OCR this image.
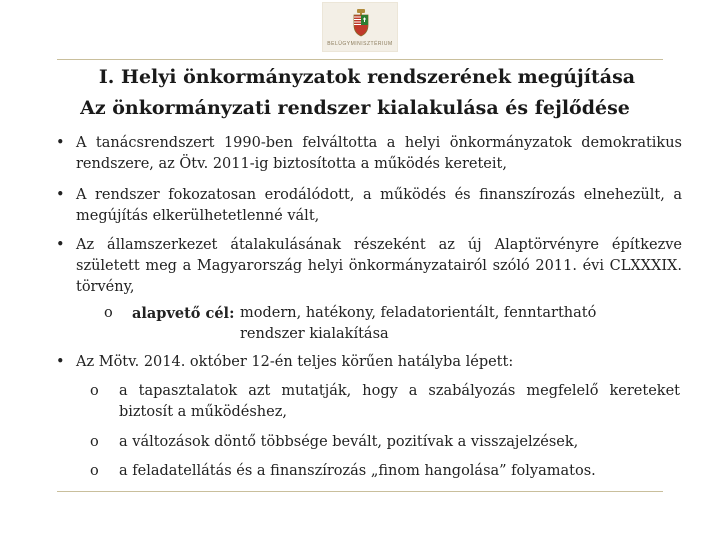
BELÜGYMINISZTÉRIUM
I. Helyi önkormányzatok rendszerének megújítása
Az önkormányzati rendszer kialakulása és fejlődése
• A tanácsrendszert 1990-ben felváltotta a helyi önkormányzatok demokratikus rendszere, az Ötv. 2011-ig biztosította a működés kereteit,
• A rendszer fokozatosan erodálódott, a működés és finanszírozás elnehezült, a megújítás elkerülhetetlenné vált,
• Az államszerkezet átalakulásának részeként az új Alaptörvényre építkezve született meg a Magyarország helyi önkormányzatairól szóló 2011. évi CLXXXIX. törvény,
o alapvető cél: modern, hatékony, feladatorientált, fenntartható
rendszer kialakítása
• Az Mötv. 2014. október 12-én teljes körűen hatályba lépett:
o a tapasztalatok azt mutatják, hogy a szabályozás megfelelő kereteket biztosít a működéshez,
o a változások döntő többsége bevált, pozitívak a visszajelzések,
o a feladatellátás és a finanszírozás „finom hangolása” folyamatos.
